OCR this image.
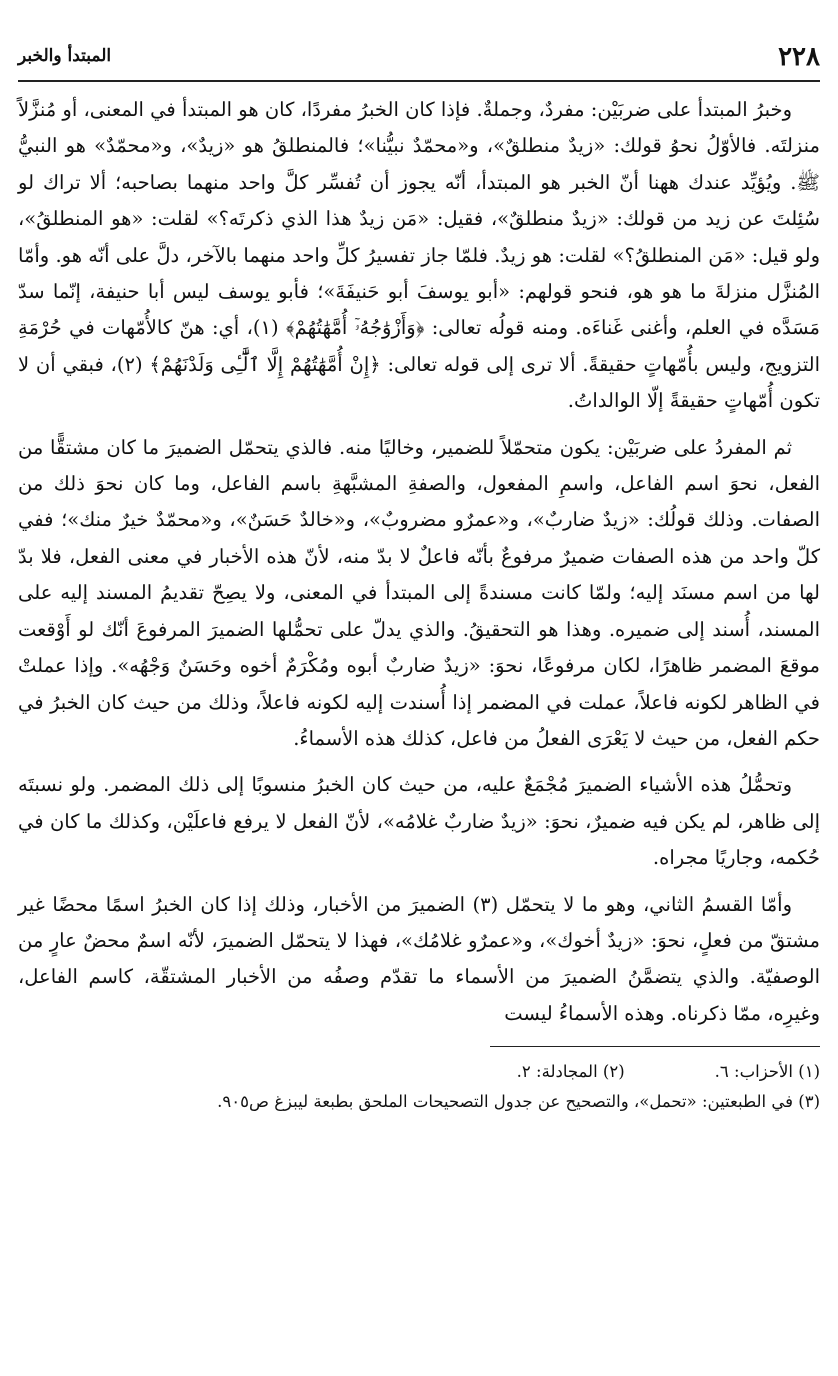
٢٢٨
المبتدأ والخبر

وخبرُ المبتدأ على ضربَيْن: مفردٌ، وجملةٌ. فإذا كان الخبرُ مفردًا، كان هو المبتدأ في المعنى، أو مُنزَّلاً منزلتَه. فالأوّلُ نحوُ قولك: «زيدٌ منطلقٌ»، و«محمّدٌ نبيُّنا»؛ فالمنطلقُ هو «زيدٌ»، و«محمّدٌ» هو النبيُّ ﷺ. ويُؤيِّد عندك ههنا أنّ الخبر هو المبتدأ، أنّه يجوز أن تُفسِّر كلَّ واحد منهما بصاحبه؛ ألا تراك لو سُئِلتَ عن زيد من قولك: «زيدٌ منطلقٌ»، فقيل: «مَن زيدٌ هذا الذي ذكرتَه؟» لقلت: «هو المنطلقُ»، ولو قيل: «مَن المنطلقُ؟» لقلت: هو زيدٌ. فلمّا جاز تفسيرُ كلِّ واحد منهما بالآخر، دلَّ على أنّه هو. وأمّا المُنزَّل منزلةَ ما هو هو، فنحو قولهم: «أبو يوسفَ أبو حَنيفَةَ»؛ فأبو يوسف ليس أبا حنيفة، إنّما سدّ مَسَدَّه في العلم، وأغنى غَناءَه. ومنه قولُه تعالى: ﴿وَأَزْوَٰجُهُۥٓ أُمَّهَٰتُهُمْ﴾ (١)، أي: هنّ كالأُمّهات في حُرْمَةِ التزويج، وليس بأُمّهاتٍ حقيقةً. ألا ترى إلى قوله تعالى: ﴿إِنْ أُمَّهَٰتُهُمْ إِلَّا ٱلَّٰٓـِٔى وَلَدْنَهُمْ﴾ (٢)، فبقي أن لا تكون أُمّهاتٍ حقيقةً إلّا الوالداتُ.

ثم المفردُ على ضربَيْن: يكون متحمّلاً للضمير، وخاليًا منه. فالذي يتحمّل الضميرَ ما كان مشتقًّا من الفعل، نحوَ اسم الفاعل، واسمِ المفعول، والصفةِ المشبَّهةِ باسم الفاعل، وما كان نحوَ ذلك من الصفات. وذلك قولُك: «زيدٌ ضاربٌ»، و«عمرٌو مضروبٌ»، و«خالدٌ حَسَنٌ»، و«محمّدٌ خيرٌ منك»؛ ففي كلّ واحد من هذه الصفات ضميرٌ مرفوعٌ بأنّه فاعلٌ لا بدّ منه، لأنّ هذه الأخبار في معنى الفعل، فلا بدّ لها من اسم مسنَد إليه؛ ولمّا كانت مسندةً إلى المبتدأ في المعنى، ولا يصِحّ تقديمُ المسند إليه على المسند، أُسند إلى ضميره. وهذا هو التحقيقُ. والذي يدلّ على تحمُّلها الضميرَ المرفوعَ أنّك لو أَوْقعت موقعَ المضمر ظاهرًا، لكان مرفوعًا، نحوَ: «زيدٌ ضاربٌ أبوه ومُكْرَمٌ أخوه وحَسَنٌ وَجْهُه». وإذا عملتْ في الظاهر لكونه فاعلاً، عملت في المضمر إذا أُسندت إليه لكونه فاعلاً، وذلك من حيث كان الخبرُ في حكم الفعل، من حيث لا يَعْرَى الفعلُ من فاعل، كذلك هذه الأسماءُ.

وتحمُّلُ هذه الأشياء الضميرَ مُجْمَعٌ عليه، من حيث كان الخبرُ منسوبًا إلى ذلك المضمر. ولو نسبتَه إلى ظاهر، لم يكن فيه ضميرٌ، نحوَ: «زيدٌ ضاربٌ غلامُه»، لأنّ الفعل لا يرفع فاعلَيْن، وكذلك ما كان في حُكمه، وجاريًا مجراه.

وأمّا القسمُ الثاني، وهو ما لا يتحمّل (٣) الضميرَ من الأخبار، وذلك إذا كان الخبرُ اسمًا محضًا غير مشتقّ من فعلٍ، نحوَ: «زيدٌ أخوك»، و«عمرٌو غلامُك»، فهذا لا يتحمّل الضميرَ، لأنّه اسمٌ محضٌ عارٍ من الوصفيّة. والذي يتضمَّنُ الضميرَ من الأسماء ما تقدّم وصفُه من الأخبار المشتقّة، كاسم الفاعل، وغيرِه، ممّا ذكرناه. وهذه الأسماءُ ليست

(١) الأحزاب: ٦.
(٢) المجادلة: ٢.
(٣) في الطبعتين: «تحمل»، والتصحيح عن جدول التصحيحات الملحق بطبعة ليبزغ ص٩٠٥.
